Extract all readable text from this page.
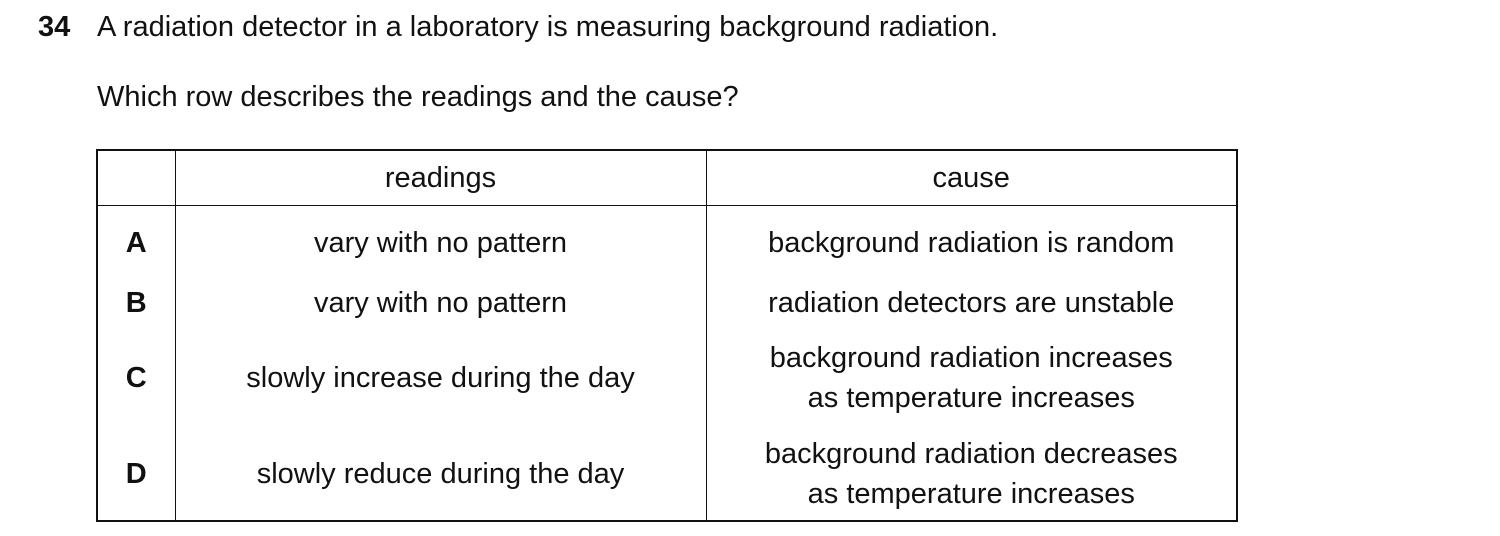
34 A radiation detector in a laboratory is measuring background radiation.
Which row describes the readings and the cause?
	readings	cause
A	vary with no pattern	background radiation is random

B	vary with no pattern	radiation detectors are unstable

C	slowly increase during the day	background radiation increases
as temperature increases

D	slowly reduce during the day	background radiation decreases
as temperature increases
